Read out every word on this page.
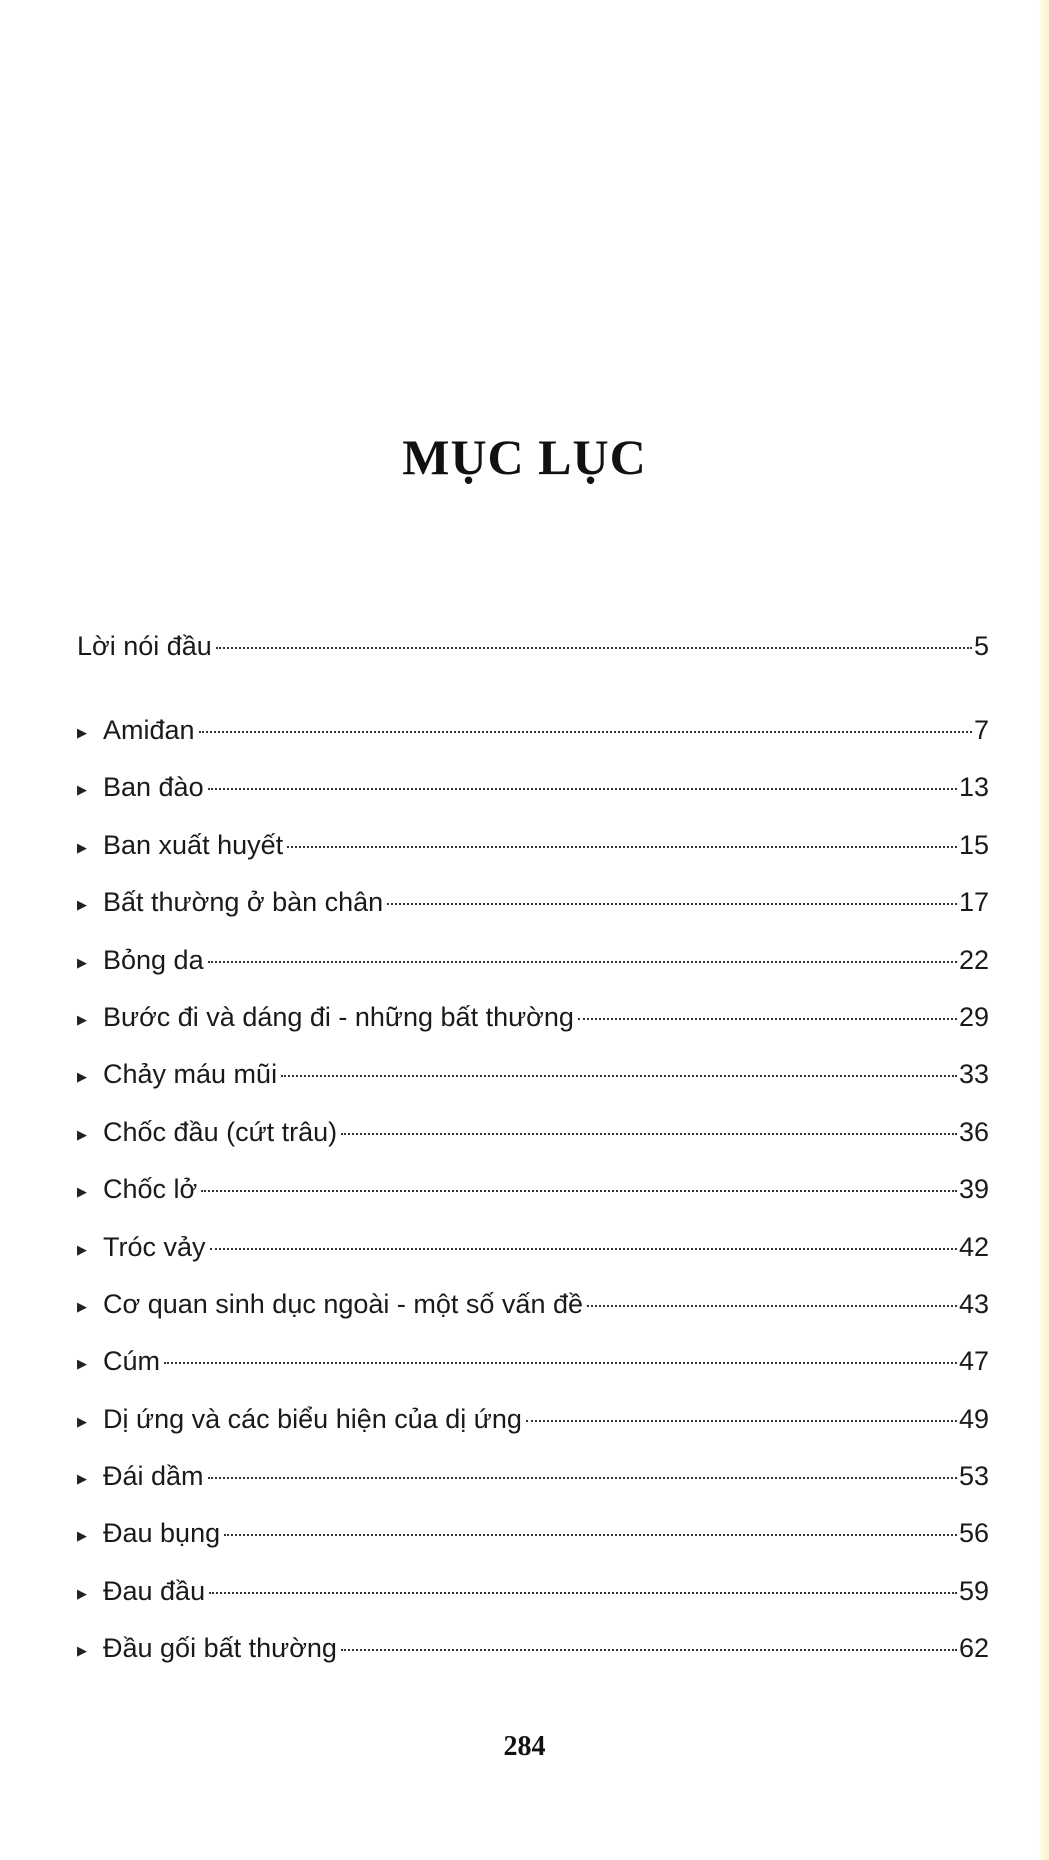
MỤC LỤC
Lời nói đầu	5
▶ Amiđan	7
▶ Ban đào	13
▶ Ban xuất huyết	15
▶ Bất thường ở bàn chân	17
▶ Bỏng da	22
▶ Bước đi và dáng đi - những bất thường	29
▶ Chảy máu mũi	33
▶ Chốc đầu (cứt trâu)	36
▶ Chốc lở	39
▶ Tróc vảy	42
▶ Cơ quan sinh dục ngoài - một số vấn đề	43
▶ Cúm	47
▶ Dị ứng và các biểu hiện của dị ứng	49
▶ Đái dầm	53
▶ Đau bụng	56
▶ Đau đầu	59
▶ Đầu gối bất thường	62
284
